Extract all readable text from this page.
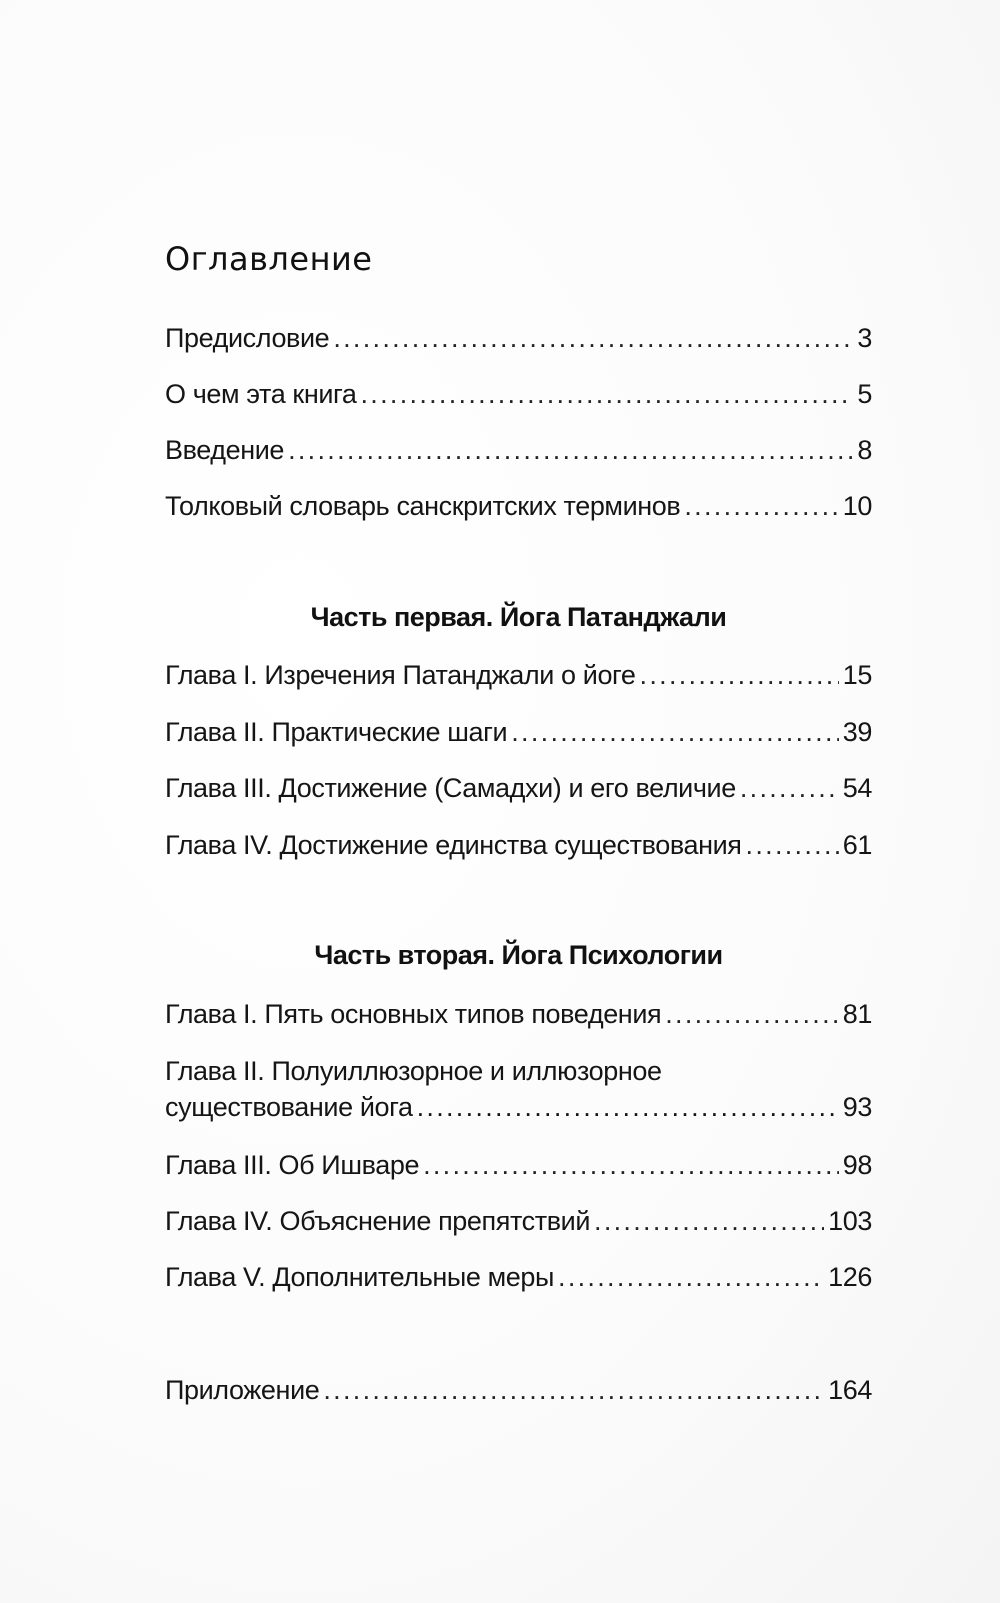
Оглавление
Предисловие . . .	3
О чем эта книга . . .	5
Введение . . .	8
Толковый словарь санскритских терминов . . .	10
Часть первая. Йога Патанджали
Глава I. Изречения Патанджали о йоге . . .	15
Глава II. Практические шаги . . .	39
Глава III. Достижение (Самадхи) и его величие . . .	54
Глава IV. Достижение единства существования . . .	61
Часть вторая. Йога Психологии
Глава I. Пять основных типов поведения . . .	81
Глава II. Полуиллюзорное и иллюзорное
существование йога . . .	93
Глава III. Об Ишваре . . .	98
Глава IV. Объяснение препятствий . . .	103
Глава V. Дополнительные меры . . .	126
Приложение . . .	164
